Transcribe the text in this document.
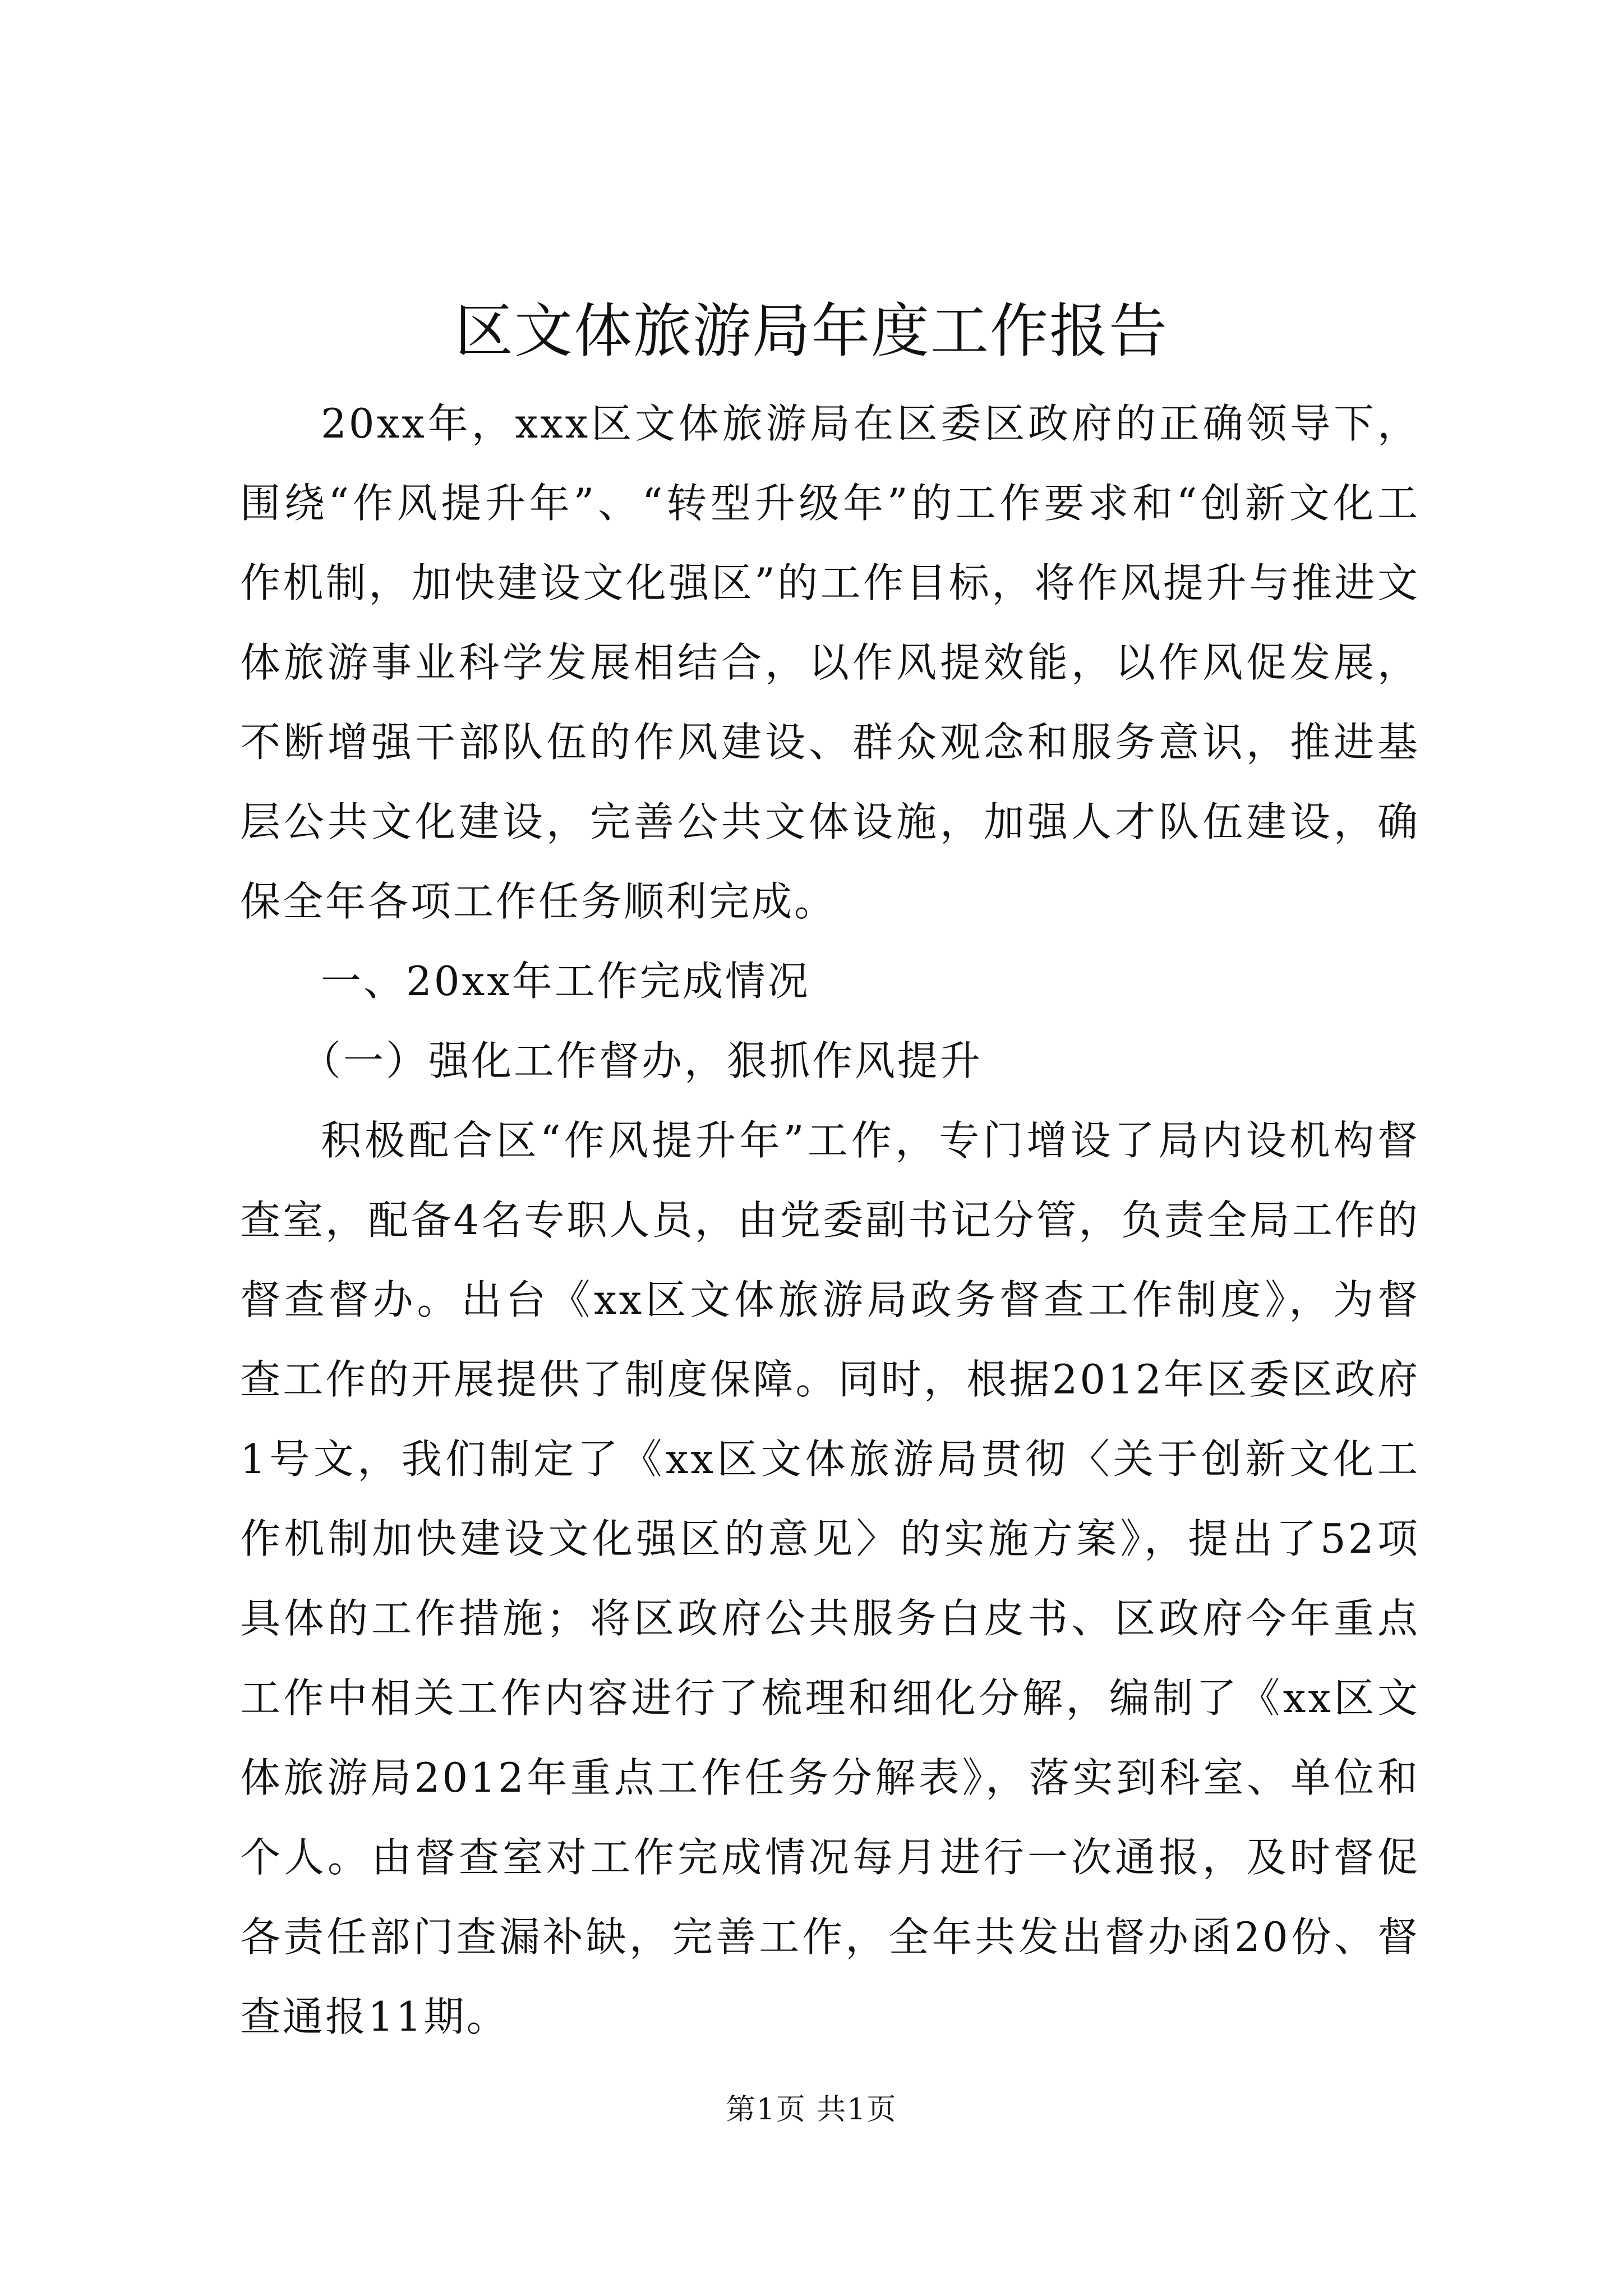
区文体旅游局年度工作报告

20xx年，xxx区文体旅游局在区委区政府的正确领导下，围绕“作风提升年”、“转型升级年”的工作要求和“创新文化工作机制，加快建设文化强区”的工作目标，将作风提升与推进文体旅游事业科学发展相结合，以作风提效能，以作风促发展，不断增强干部队伍的作风建设、群众观念和服务意识，推进基层公共文化建设，完善公共文体设施，加强人才队伍建设，确保全年各项工作任务顺利完成。

一、20xx年工作完成情况

（一）强化工作督办，狠抓作风提升

积极配合区“作风提升年”工作，专门增设了局内设机构督查室，配备4名专职人员，由党委副书记分管，负责全局工作的督查督办。出台《xx区文体旅游局政务督查工作制度》，为督查工作的开展提供了制度保障。同时，根据2012年区委区政府1号文，我们制定了《xx区文体旅游局贯彻〈关于创新文化工作机制加快建设文化强区的意见〉的实施方案》，提出了52项具体的工作措施；将区政府公共服务白皮书、区政府今年重点工作中相关工作内容进行了梳理和细化分解，编制了《xx区文体旅游局2012年重点工作任务分解表》，落实到科室、单位和个人。由督查室对工作完成情况每月进行一次通报，及时督促各责任部门查漏补缺，完善工作，全年共发出督办函20份、督查通报11期。

第1页 共1页
